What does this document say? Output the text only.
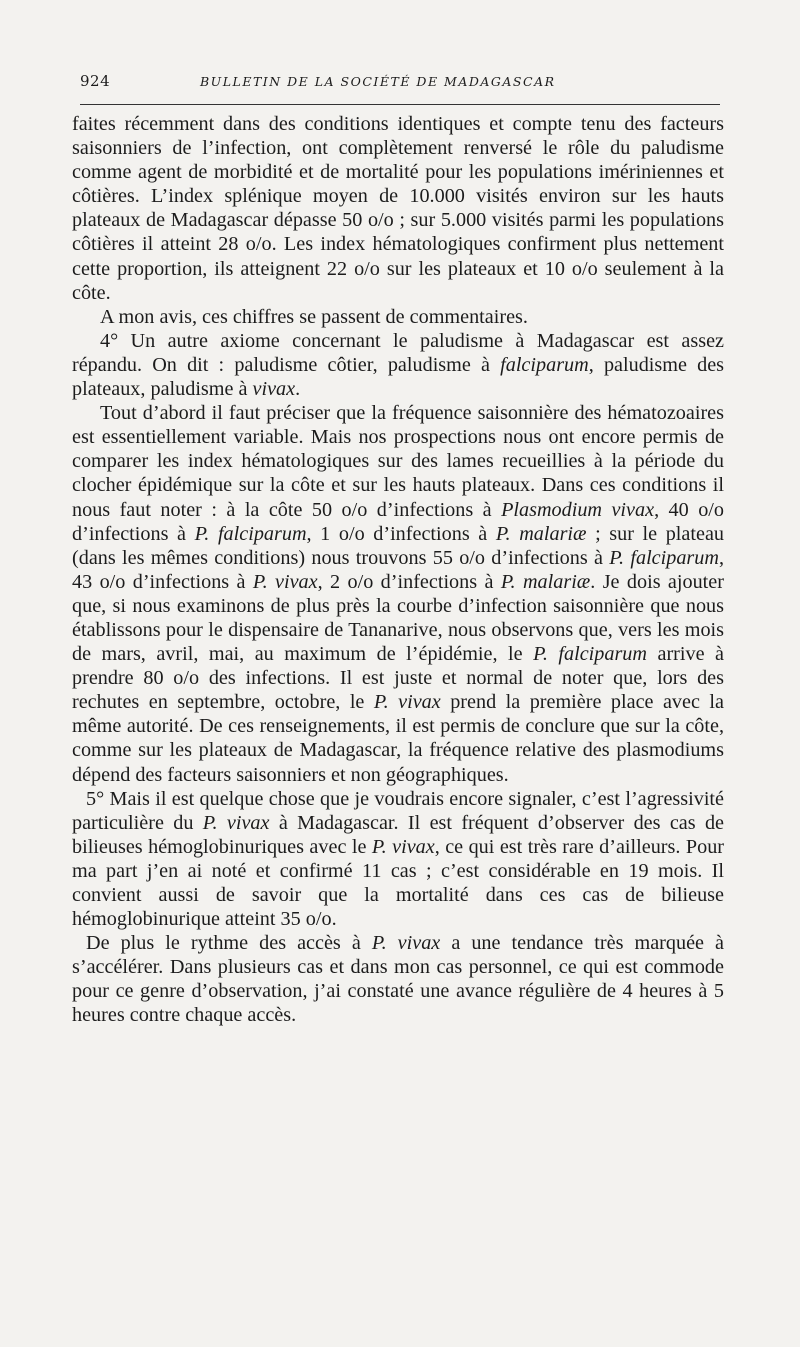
924	BULLETIN DE LA SOCIÉTÉ DE MADAGASCAR

faites récemment dans des conditions identiques et compte tenu des facteurs saisonniers de l’infection, ont complètement renversé le rôle du paludisme comme agent de morbidité et de mortalité pour les populations imériniennes et côtières. L’index splénique moyen de 10.000 visités environ sur les hauts plateaux de Madagascar dépasse 50 o/o ; sur 5.000 visités parmi les populations côtières il atteint 28 o/o. Les index hématologiques confirment plus nettement cette proportion, ils atteignent 22 o/o sur les plateaux et 10 o/o seulement à la côte.

A mon avis, ces chiffres se passent de commentaires.

4° Un autre axiome concernant le paludisme à Madagascar est assez répandu. On dit : paludisme côtier, paludisme à falciparum, paludisme des plateaux, paludisme à vivax.

Tout d’abord il faut préciser que la fréquence saisonnière des hématozoaires est essentiellement variable. Mais nos prospections nous ont encore permis de comparer les index hématologiques sur des lames recueillies à la période du clocher épidémique sur la côte et sur les hauts plateaux. Dans ces conditions il nous faut noter : à la côte 50 o/o d’infections à Plasmodium vivax, 40 o/o d’infections à P. falciparum, 1 o/o d’infections à P. malariæ ; sur le plateau (dans les mêmes conditions) nous trouvons 55 o/o d’infections à P. falciparum, 43 o/o d’infections à P. vivax, 2 o/o d’infections à P. malariæ. Je dois ajouter que, si nous examinons de plus près la courbe d’infection saisonnière que nous établissons pour le dispensaire de Tananarive, nous observons que, vers les mois de mars, avril, mai, au maximum de l’épidémie, le P. falciparum arrive à prendre 80 o/o des infections. Il est juste et normal de noter que, lors des rechutes en septembre, octobre, le P. vivax prend la première place avec la même autorité. De ces renseignements, il est permis de conclure que sur la côte, comme sur les plateaux de Madagascar, la fréquence relative des plasmodiums dépend des facteurs saisonniers et non géographiques.

5° Mais il est quelque chose que je voudrais encore signaler, c’est l’agressivité particulière du P. vivax à Madagascar. Il est fréquent d’observer des cas de bilieuses hémoglobinuriques avec le P. vivax, ce qui est très rare d’ailleurs. Pour ma part j’en ai noté et confirmé 11 cas ; c’est considérable en 19 mois. Il convient aussi de savoir que la mortalité dans ces cas de bilieuse hémoglobinurique atteint 35 o/o.

De plus le rythme des accès à P. vivax a une tendance très marquée à s’accélérer. Dans plusieurs cas et dans mon cas personnel, ce qui est commode pour ce genre d’observation, j’ai constaté une avance régulière de 4 heures à 5 heures contre chaque accès.
